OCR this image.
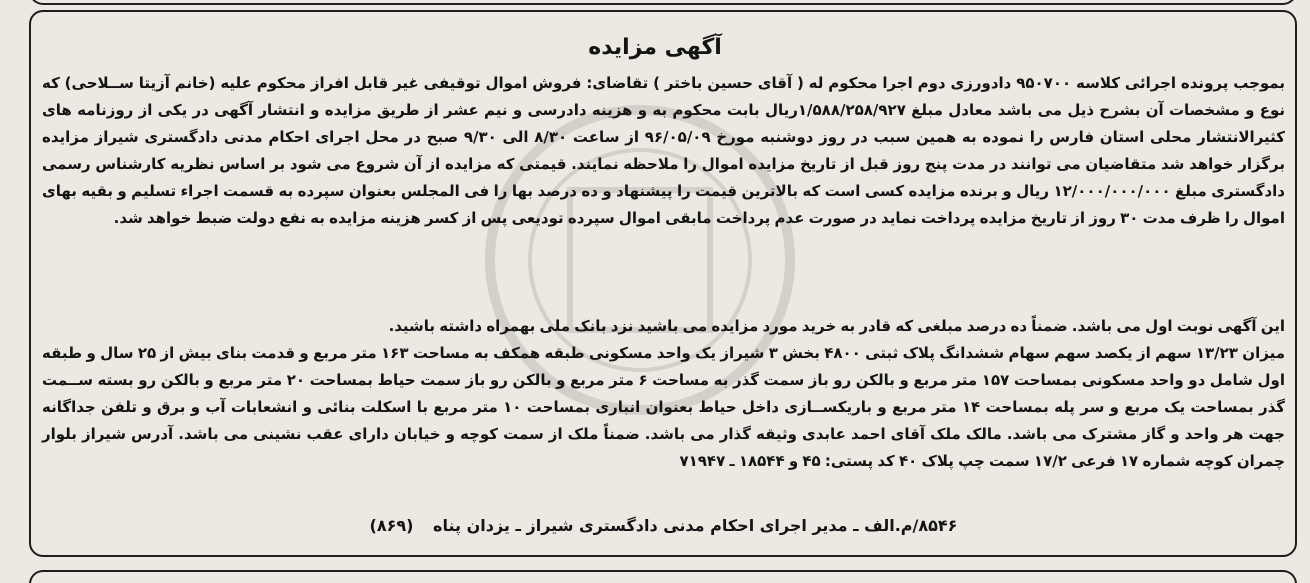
آگهی مزایده

بموجب پرونده اجرائی کلاسه ۹۵۰۷۰۰ دادورزی دوم اجرا محکوم له ( آقای حسین باختر ) تقاضای: فروش اموال توقیفی غیر قابل افراز محکوم علیه (خانم آزیتا ســلاحی) که نوع و مشخصات آن بشرح ذیل می باشد معادل مبلغ ۱/۵۸۸/۲۵۸/۹۲۷ریال بابت محکوم به و هزینه دادرسی و نیم عشر از طریق مزایده و انتشار آگهی در یکی از روزنامه های کثیرالانتشار محلی استان فارس را نموده به همین سبب در روز دوشنبه مورخ ۹۶/۰۵/۰۹ از ساعت ۸/۳۰ الی ۹/۳۰ صبح در محل اجرای احکام مدنی دادگستری شیراز مزایده برگزار خواهد شد متقاضیان می توانند در مدت پنج روز قبل از تاریخ مزایده اموال را ملاحظه نمایند. قیمتی که مزایده از آن شروع می شود بر اساس نظریه کارشناس رسمی دادگستری مبلغ ۱۲/۰۰۰/۰۰۰/۰۰۰ ریال و برنده مزایده کسی است که بالاترین قیمت را پیشنهاد و ده درصد بها را فی المجلس بعنوان سپرده به قسمت اجراء تسلیم و بقیه بهای اموال را ظرف مدت ۳۰ روز از تاریخ مزایده پرداخت نماید در صورت عدم پرداخت مابقی اموال سپرده تودیعی پس از کسر هزینه مزایده به نفع دولت ضبط خواهد شد.

این آگهی نوبت اول می باشد. ضمناً ده درصد مبلغی که قادر به خرید مورد مزایده می باشید نزد بانک ملی بهمراه داشته باشید.

میزان ۱۳/۲۳ سهم از یکصد سهم سهام ششدانگ پلاک ثبتی ۴۸۰۰ بخش ۳ شیراز یک واحد مسکونی طبقه همکف به مساحت ۱۶۳ متر مربع و قدمت بنای بیش از ۲۵ سال و طبقه اول شامل دو واحد مسکونی بمساحت ۱۵۷ متر مربع و بالکن رو باز سمت گذر به مساحت ۶ متر مربع و بالکن رو باز سمت حیاط بمساحت ۲۰ متر مربع و بالکن رو بسته ســمت گذر بمساحت یک مربع و سر پله بمساحت ۱۴ متر مربع و باریکســازی داخل حیاط بعنوان انباری بمساحت ۱۰ متر مربع با اسکلت بنائی و انشعابات آب و برق و تلفن جداگانه جهت هر واحد و گاز مشترک می باشد. مالک ملک آقای احمد عابدی وثیقه گذار می باشد. ضمناً ملک از سمت کوچه و خیابان دارای عقب نشینی می باشد. آدرس شیراز بلوار چمران کوچه شماره ۱۷ فرعی ۱۷/۲ سمت چپ پلاک ۴۰ کد پستی: ۴۵ و ۱۸۵۴۴ ـ ۷۱۹۴۷

۸۵۴۶/م.الف ـ مدیر اجرای احکام مدنی دادگستری شیراز ـ یزدان پناه (۸۶۹)
